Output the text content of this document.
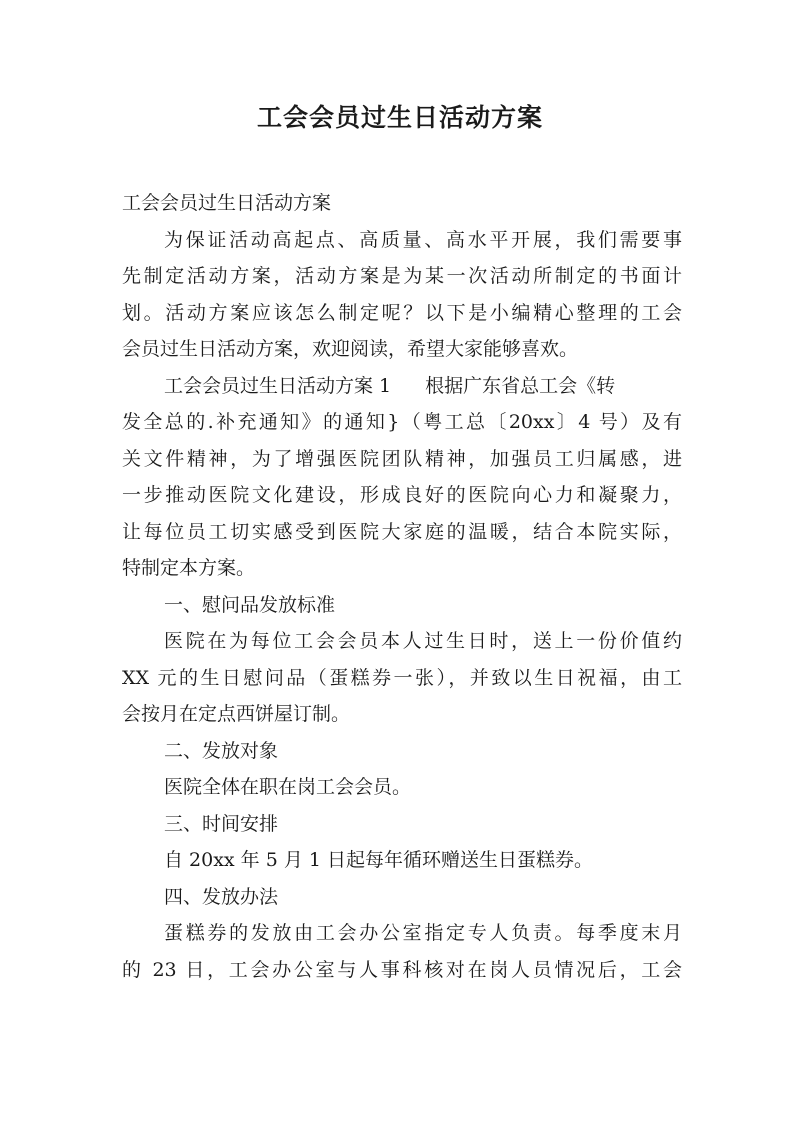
工会会员过生日活动方案
工会会员过生日活动方案
为保证活动高起点、高质量、高水平开展，我们需要事
先制定活动方案，活动方案是为某一次活动所制定的书面计
划。活动方案应该怎么制定呢？以下是小编精心整理的工会
会员过生日活动方案，欢迎阅读，希望大家能够喜欢。
工会会员过生日活动方案 1 根据广东省总工会《转
发全总的.补充通知》的通知}（粤工总〔20xx〕4 号）及有
关文件精神，为了增强医院团队精神，加强员工归属感，进
一步推动医院文化建设，形成良好的医院向心力和凝聚力，
让每位员工切实感受到医院大家庭的温暖，结合本院实际，
特制定本方案。
一、慰问品发放标准
医院在为每位工会会员本人过生日时，送上一份价值约
XX 元的生日慰问品（蛋糕券一张），并致以生日祝福，由工
会按月在定点西饼屋订制。
二、发放对象
医院全体在职在岗工会会员。
三、时间安排
自 20xx 年 5 月 1 日起每年循环赠送生日蛋糕券。
四、发放办法
蛋糕券的发放由工会办公室指定专人负责。每季度末月
的 23 日，工会办公室与人事科核对在岗人员情况后，工会
